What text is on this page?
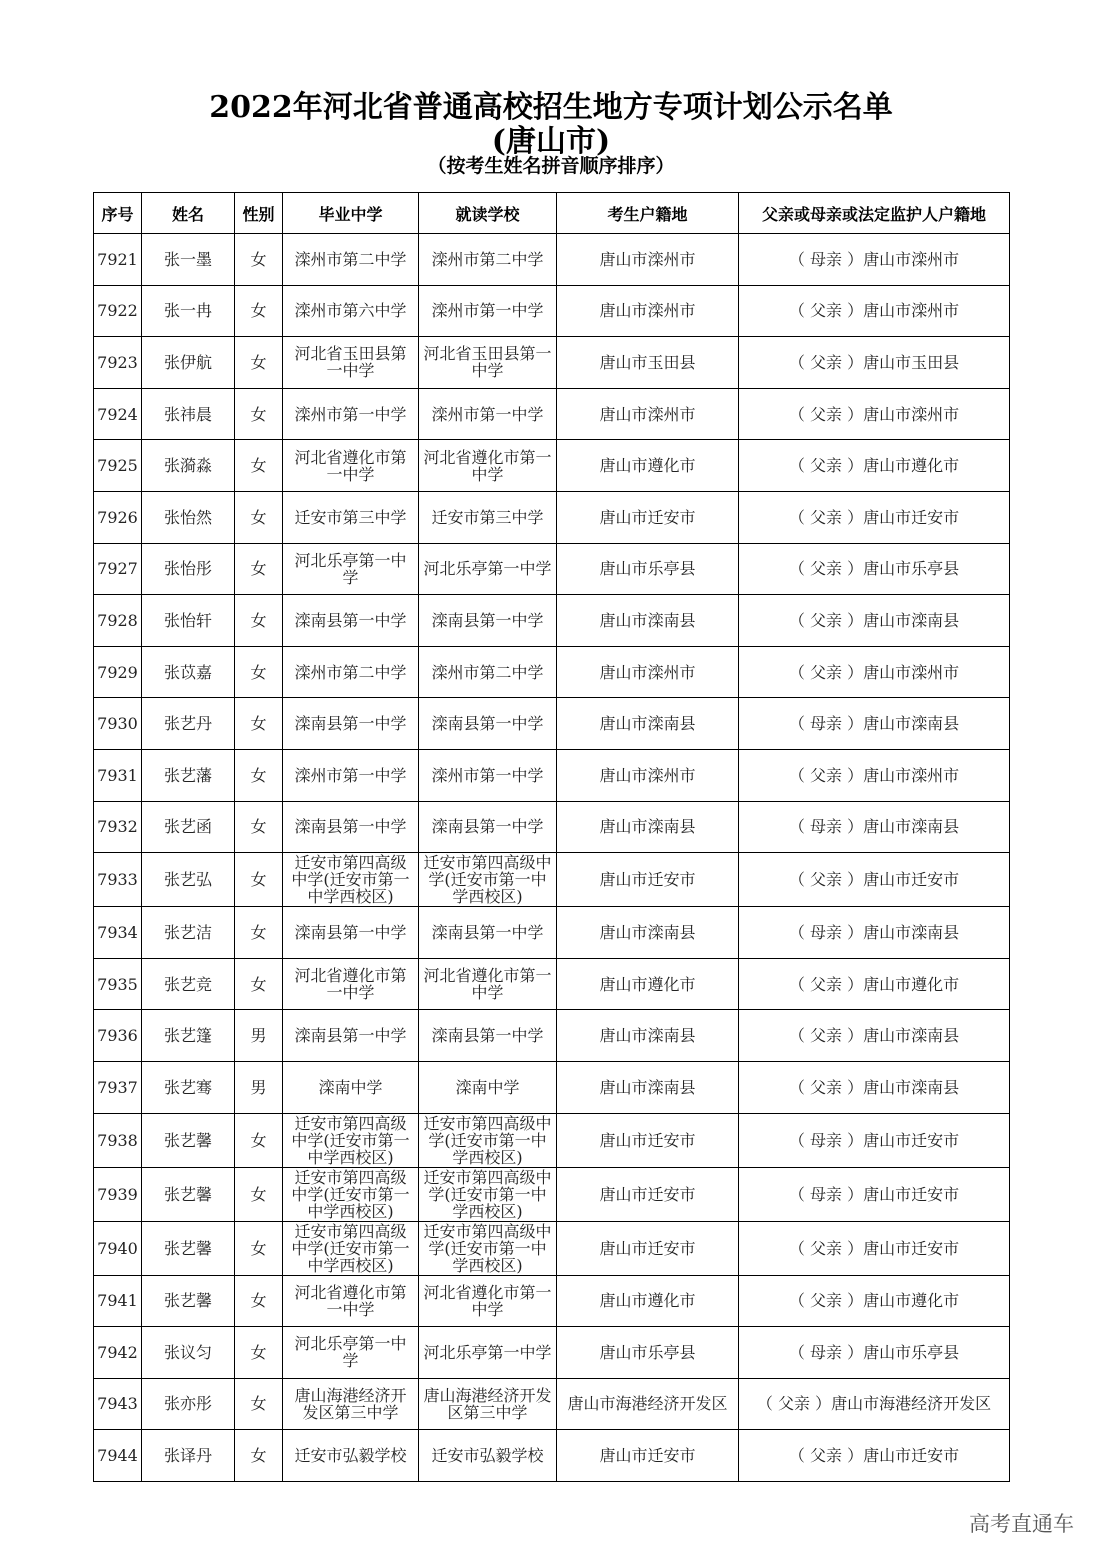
2022年河北省普通高校招生地方专项计划公示名单
(唐山市)
（按考生姓名拼音顺序排序）
序号	姓名	性别	毕业中学	就读学校	考生户籍地	父亲或母亲或法定监护人户籍地
7921	张一墨	女	滦州市第二中学	滦州市第二中学	唐山市滦州市	（ 母亲 ）唐山市滦州市
7922	张一冉	女	滦州市第六中学	滦州市第一中学	唐山市滦州市	（ 父亲 ）唐山市滦州市
7923	张伊航	女	河北省玉田县第一中学	河北省玉田县第一中学	唐山市玉田县	（ 父亲 ）唐山市玉田县
7924	张祎晨	女	滦州市第一中学	滦州市第一中学	唐山市滦州市	（ 父亲 ）唐山市滦州市
7925	张漪淼	女	河北省遵化市第一中学	河北省遵化市第一中学	唐山市遵化市	（ 父亲 ）唐山市遵化市
7926	张怡然	女	迁安市第三中学	迁安市第三中学	唐山市迁安市	（ 父亲 ）唐山市迁安市
7927	张怡彤	女	河北乐亭第一中学	河北乐亭第一中学	唐山市乐亭县	（ 父亲 ）唐山市乐亭县
7928	张怡轩	女	滦南县第一中学	滦南县第一中学	唐山市滦南县	（ 父亲 ）唐山市滦南县
7929	张苡嘉	女	滦州市第二中学	滦州市第二中学	唐山市滦州市	（ 父亲 ）唐山市滦州市
7930	张艺丹	女	滦南县第一中学	滦南县第一中学	唐山市滦南县	（ 母亲 ）唐山市滦南县
7931	张艺藩	女	滦州市第一中学	滦州市第一中学	唐山市滦州市	（ 父亲 ）唐山市滦州市
7932	张艺函	女	滦南县第一中学	滦南县第一中学	唐山市滦南县	（ 母亲 ）唐山市滦南县
7933	张艺弘	女	迁安市第四高级中学(迁安市第一中学西校区)	迁安市第四高级中学(迁安市第一中学西校区)	唐山市迁安市	（ 父亲 ）唐山市迁安市
7934	张艺洁	女	滦南县第一中学	滦南县第一中学	唐山市滦南县	（ 母亲 ）唐山市滦南县
7935	张艺竞	女	河北省遵化市第一中学	河北省遵化市第一中学	唐山市遵化市	（ 父亲 ）唐山市遵化市
7936	张艺篷	男	滦南县第一中学	滦南县第一中学	唐山市滦南县	（ 父亲 ）唐山市滦南县
7937	张艺骞	男	滦南中学	滦南中学	唐山市滦南县	（ 父亲 ）唐山市滦南县
7938	张艺馨	女	迁安市第四高级中学(迁安市第一中学西校区)	迁安市第四高级中学(迁安市第一中学西校区)	唐山市迁安市	（ 母亲 ）唐山市迁安市
7939	张艺馨	女	迁安市第四高级中学(迁安市第一中学西校区)	迁安市第四高级中学(迁安市第一中学西校区)	唐山市迁安市	（ 母亲 ）唐山市迁安市
7940	张艺馨	女	迁安市第四高级中学(迁安市第一中学西校区)	迁安市第四高级中学(迁安市第一中学西校区)	唐山市迁安市	（ 父亲 ）唐山市迁安市
7941	张艺馨	女	河北省遵化市第一中学	河北省遵化市第一中学	唐山市遵化市	（ 父亲 ）唐山市遵化市
7942	张议匀	女	河北乐亭第一中学	河北乐亭第一中学	唐山市乐亭县	（ 母亲 ）唐山市乐亭县
7943	张亦彤	女	唐山海港经济开发区第三中学	唐山海港经济开发区第三中学	唐山市海港经济开发区	（ 父亲 ）唐山市海港经济开发区
7944	张译丹	女	迁安市弘毅学校	迁安市弘毅学校	唐山市迁安市	（ 父亲 ）唐山市迁安市
高考直通车
